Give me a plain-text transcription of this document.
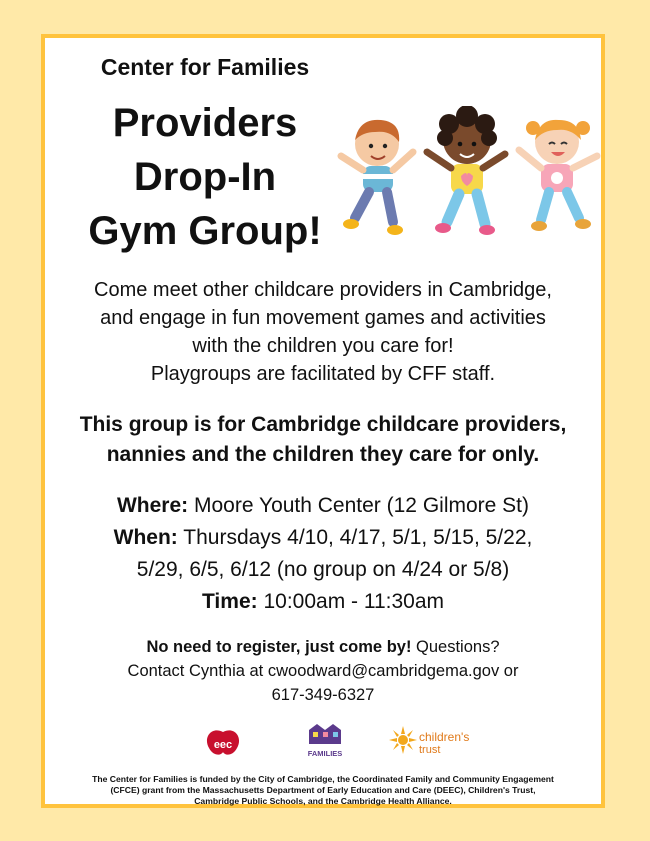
Center for Families
Providers
Drop-In
Gym Group!
Come meet other childcare providers in Cambridge,
and engage in fun movement games and activities
with the children you care for!
Playgroups are facilitated by CFF staff.
This group is for Cambridge childcare providers,
nannies and the children they care for only.
Where: Moore Youth Center (12 Gilmore St)
When: Thursdays 4/10, 4/17, 5/1, 5/15, 5/22,
5/29, 6/5, 6/12 (no group on 4/24 or 5/8)
Time: 10:00am - 11:30am
No need to register, just come by! Questions?
Contact Cynthia at cwoodward@cambridgema.gov or
617-349-6327
eec
FAMILIES
children's
trust
The Center for Families is funded by the City of Cambridge, the Coordinated Family and Community Engagement
(CFCE) grant from the Massachusetts Department of Early Education and Care (DEEC), Children's Trust,
Cambridge Public Schools, and the Cambridge Health Alliance.
